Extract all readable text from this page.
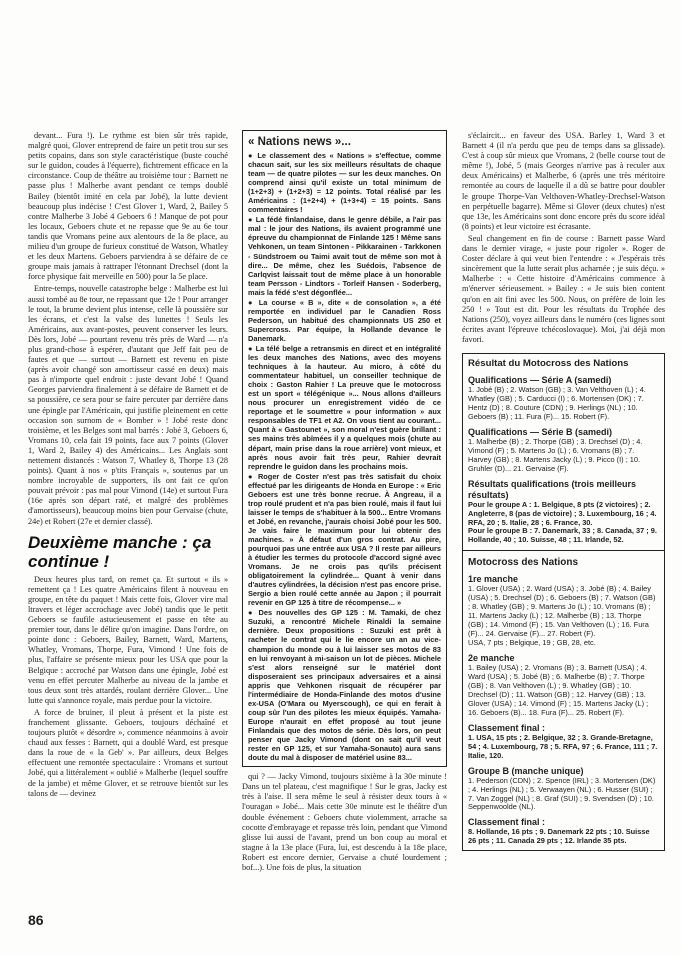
devant... Fura !). Le rythme est bien sûr très rapide, malgré quoi, Glover entreprend de faire un petit trou sur ses petits copains, dans son style caractéristique (buste couché sur le guidon, coudes à l'équerre), fichtrement efficace en la circonstance. Coup de théâtre au troisième tour : Barnett ne passe plus ! Malherbe avant pendant ce temps doublé Bailey (bientôt imité en cela par Jobé), la lutte devient beaucoup plus indécise ! C'est Glover 1, Ward, 2, Bailey 5 contre Malherbe 3 Jobé 4 Geboers 6 ! Manque de pot pour les locaux, Geboers chute et ne repasse que 9e au 6e tour tandis que Vromans peine aux alentours de la 8e place, au milieu d'un groupe de furieux constitué de Watson, Whatley et les deux Martens. Geboers parviendra à se défaire de ce groupe mais jamais à rattraper l'étonnant Drechsel (dont la force physique fait merveille en 500) pour la 5e place.

Entre-temps, nouvelle catastrophe belge : Malherbe est lui aussi tombé au 8e tour, ne repassant que 12e ! Pour arranger le tout, la brume devient plus intense, celle là poussière sur les écrans, et c'est la valse des lunettes ! Seuls les Américains, aux avant-postes, peuvent conserver les leurs. Dès lors, Jobé — pourtant revenu très près de Ward — n'a plus grand-chose à espérer, d'autant que Jeff fait peu de fautes et que — surtout — Barnett est revenu en piste (après avoir changé son amortisseur cassé en deux) mais pas à n'importe quel endroit : juste devant Jobé ! Quand Georges parviendra finalement à se défaire de Barnett et de sa poussière, ce sera pour se faire percuter par derrière dans une épingle par l'Américain, qui justifie pleinement en cette occasion son surnom de « Bomber » ! Jobé reste donc troisième, et les Belges sont mal barrés : Jobé 3, Geboers 6, Vromans 10, cela fait 19 points, face aux 7 points (Glover 1, Ward 2, Bailey 4) des Américains... Les Anglais sont nettement distancés : Watson 7, Whatley 8, Thorpe 13 (28 points). Quant à nos « p'tits Français », soutenus par un nombre incroyable de supporters, ils ont fait ce qu'on pouvait prévoir : pas mal pour Vimond (14e) et surtout Fura (16e après son départ raté, et malgré des problèmes d'amortisseurs), beaucoup moins bien pour Gervaise (chute, 24e) et Robert (27e et dernier classé).

Deuxième manche : ça continue !

Deux heures plus tard, on remet ça. Et surtout « ils » remettent ça ! Les quatre Américains filent à nouveau en groupe, en tête du paquet ! Mais cette fois, Glover vire mal ltravers et léger accrochage avec Jobé) tandis que le petit Geboers se faufile astucieusement et passe en tête au premier tour, dans le délire qu'on imagine. Dans l'ordre, on pointe donc : Geboers, Bailey, Barnett, Ward, Martens, Whatley, Vromans, Thorpe, Fura, Vimond ! Une fois de plus, l'affaire se présente mieux pour les USA que pour la Belgique : accroché par Watson dans une épingle, Jobé est venu en effet percuter Malherbe au niveau de la jambe et tous deux sont très attardés, roulant derrière Glover... Une lutte qui s'annonce royale, mais perdue pour la victoire.

A force de bruiner, il pleut à présent et la piste est franchement glissante. Geboers, toujours déchaîné et toujours plutôt « désordre », commence néanmoins à avoir chaud aux fesses : Barnett, qui a doublé Ward, est presque dans la roue de « la Geb' ». Par ailleurs, deux Belges effectuent une remontée spectaculaire : Vromans et surtout Jobé, qui a littéralement « oublié » Malherbe (lequel souffre de la jambe) et même Glover, et se retrouve bientôt sur les talons de — devinez

« Nations news »...

● Le classement des « Nations » s'effectue, comme chacun sait, sur les six meilleurs résultats de chaque team — de quatre pilotes — sur les deux manches. On comprend ainsi qu'il existe un total minimum de (1+2+3) + (1+2+3) = 12 points. Total réalisé par les Américains : (1+2+4) + (1+3+4) = 15 points. Sans commentaires !

● La fédé finlandaise, dans le genre débile, a l'air pas mal : le jour des Nations, ils avaient programmé une épreuve du championnat de Finlande 125 ! Même sans Vehkonen, un team Sintonen - Pikkarainen - Tarkkonen - Sündstroem ou Taimi avait tout de même son mot à dire... De même, chez les Suédois, l'absence de Carlqvist laissait tout de même place à un honorable team Persson - Lindtors - Torleif Hansen - Soderberg, mais la fédé s'est dégonflée...

● La course « B », dite « de consolation », a été remportée en individuel par le Canadien Ross Pederson, un habitué des championnats US 250 et Supercross. Par équipe, la Hollande devance le Danemark.

● La télé belge a retransmis en direct et en intégralité les deux manches des Nations, avec des moyens techniques à la hauteur. Au micro, à côté du commentateur habituel, un conseiller technique de choix : Gaston Rahier ! La preuve que le motocross est un sport « télégénique »... Nous allons d'ailleurs nous procurer un enregistrement vidéo de ce reportage et le soumettre « pour information » aux responsables de TF1 et A2. On vous tient au courant... Quant à « Gastounet », son moral n'est guère brillant : ses mains très abîmées il y a quelques mois (chute au départ, main prise dans la roue arrière) vont mieux, et après nous avoir fait très peur, Rahier devrait reprendre le guidon dans les prochains mois.

● Roger de Coster n'est pas très satisfait du choix effectué par les dirigeants de Honda en Europe : « Eric Geboers est une très bonne recrue. À Angreau, il a trop roulé prudent et n'a pas bien roulé, mais il faut lui laisser le temps de s'habituer à la 500... Entre Vromans et Jobé, en revanche, j'aurais choisi Jobé pour les 500. Je vais faire le maximum pour lui obtenir des machines. » À défaut d'un gros contrat. Au pire, pourquoi pas une entrée aux USA ? Il reste par ailleurs à étudier les termes du protocole d'accord signé avec Vromans. Je ne crois pas qu'ils précisent obligatoirement la cylindrée... Quant à venir dans d'autres cylindrées, la décision n'est pas encore prise. Sergio a bien roulé cette année au Japon ; il pourrait revenir en GP 125 à titre de récompense... »

● Des nouvelles des GP 125 : M. Tamaki, de chez Suzuki, a rencontré Michele Rinaldi la semaine dernière. Deux propositions : Suzuki est prêt à racheter le contrat qui le lie encore un an au vice-champion du monde ou à lui laisser ses motos de 83 en lui renvoyant à mi-saison un lot de pièces. Michele s'est alors renseigné sur le matériel dont disposeraient ses principaux adversaires et a ainsi appris que Vehkonen risquait de récupérer par l'intermédiaire de Honda-Finlande des motos d'usine ex-USA (O'Mara ou Myerscough), ce qui en ferait à coup sûr l'un des pilotes les mieux équipés. Yamaha-Europe n'aurait en effet proposé au tout jeune Finlandais que des motos de série. Dès lors, on peut penser que Jacky Vimond (dont on sait qu'il veut rester en GP 125, et sur Yamaha-Sonauto) aura sans doute du mal à disposer de matériel usine 83...

qui ? — Jacky Vimond, toujours sixième à la 30e minute ! Dans un tel plateau, c'est magnifique ! Sur le gras, Jacky est très à l'aise. Il sera même le seul à résister deux tours à « l'ouragan » Jobé... Mais cette 30e minute est le théâtre d'un double événement : Geboers chute violemment, arrache sa cocotte d'embrayage et repasse très loin, pendant que Vimond glisse lui aussi de l'avant, prend un bon coup au moral et stagne à la 13e place (Fura, lui, est descendu à la 18e place, Robert est encore dernier, Gervaise a chuté lourdement ; bof...). Une fois de plus, la situation

s'éclaircit... en faveur des USA. Barley 1, Ward 3 et Barnett 4 (il n'a perdu que peu de temps dans sa glissade). C'est à coup sûr mieux que Vromans, 2 (belle course tout de même !), Jobé, 5 (mais Georges n'arrive pas à reculer aux deux Américains) et Malherbe, 6 (après une très méritoire remontée au cours de laquelle il a dû se battre pour doubler le groupe Thorpe-Van Velthoven-Whatley-Drechsel-Watson en perpétuelle bagarre). Même si Glover (deux chutes) n'est que 13e, les Américains sont donc encore près du score idéal (8 points) et leur victoire est écrasante.

Seul changement en fin de course : Barnett passe Ward dans le dernier virage, « juste pour rigoler ». Roger de Coster déclare à qui veut bien l'entendre : « J'espérais très sincèrement que la lutte serait plus acharnée ; je suis déçu. » Malherbe : « Cette histoire d'Américains commence à m'énerver sérieusement. » Bailey : « Je suis bien content qu'on en ait fini avec les 500. Nous, on préfère de loin les 250 ! » Tout est dit. Pour les résultats du Trophée des Nations (250), voyez ailleurs dans le numéro (ces lignes sont écrites avant l'épreuve tchécoslovaque). Moi, j'ai déjà mon favori.

Résultat du Motocross des Nations
Qualifications — Série A (samedi)

1. Jobé (B) ; 2. Watson (GB) ; 3. Van Velthoven (L) ; 4. Whatley (GB) ; 5. Carducci (I) ; 6. Mortensen (DK) ; 7. Hentz (D) ; 8. Couture (CDN) ; 9. Herlings (NL) ; 10. Geboers (B) ; 11. Fura (F)... 15. Robert (F).

Qualifications — Série B (samedi)

1. Malherbe (B) ; 2. Thorpe (GB) ; 3. Drechsel (D) ; 4. Vimond (F) ; 5. Martens Jo (L) ; 6. Vromans (B) ; 7. Harvey (GB) ; 8. Martens Jacky (L) ; 9. Picco (I) ; 10. Gruhler (D)... 21. Gervaise (F).

Résultats qualifications (trois meilleurs résultats)

Pour le groupe A : 1. Belgique, 8 pts (2 victoires) ; 2. Angleterre, 8 (pas de victoire) ; 3. Luxembourg, 16 ; 4. RFA, 20 ; 5. Italie, 28 ; 6. France, 30.

Pour le groupe B : 7. Danemark, 33 ; 8. Canada, 37 ; 9. Hollande, 40 ; 10. Suisse, 48 ; 11. Irlande, 52.

Motocross des Nations
1re manche

1. Glover (USA) ; 2. Ward (USA) ; 3. Jobé (B) ; 4. Bailey (USA) ; 5. Drechsel (D) ; 6. Geboers (B) ; 7. Watson (GB) ; 8. Whatley (GB) ; 9. Martens Jo (L) ; 10. Vromans (B) ; 11. Martens Jacky (L) ; 12. Malherbe (B) ; 13. Thorpe (GB) ; 14. Vimond (F) ; 15. Van Velthoven (L) ; 16. Fura (F)... 24. Gervaise (F)... 27. Robert (F).

USA, 7 pts ; Belgique, 19 ; GB, 28, etc.

2e manche

1. Bailey (USA) ; 2. Vromans (B) ; 3. Barnett (USA) ; 4. Ward (USA) ; 5. Jobé (B) ; 6. Malherbe (B) ; 7. Thorpe (GB) ; 8. Van Velthoven (L) ; 9. Whatley (GB) ; 10. Drechsel (D) ; 11. Watson (GB) ; 12. Harvey (GB) ; 13. Glover (USA) ; 14. Vimond (F) ; 15. Martens Jacky (L) ; 16. Geboers (B)... 18. Fura (F)... 25. Robert (F).

Classement final :

1. USA, 15 pts ; 2. Belgique, 32 ; 3. Grande-Bretagne, 54 ; 4. Luxembourg, 78 ; 5. RFA, 97 ; 6. France, 111 ; 7. Italie, 120.

Groupe B (manche unique)

1. Pederson (CDN) ; 2. Spence (IRL) ; 3. Mortensen (DK) ; 4. Herlings (NL) ; 5. Verwaayen (NL) ; 6. Husser (SUI) ; 7. Van Zoggel (NL) ; 8. Graf (SUI) ; 9. Svendsen (D) ; 10. Seppenwoolde (NL).

Classement final :

8. Hollande, 16 pts ; 9. Danemark 22 pts ; 10. Suisse 26 pts ; 11. Canada 29 pts ; 12. Irlande 35 pts.

86
